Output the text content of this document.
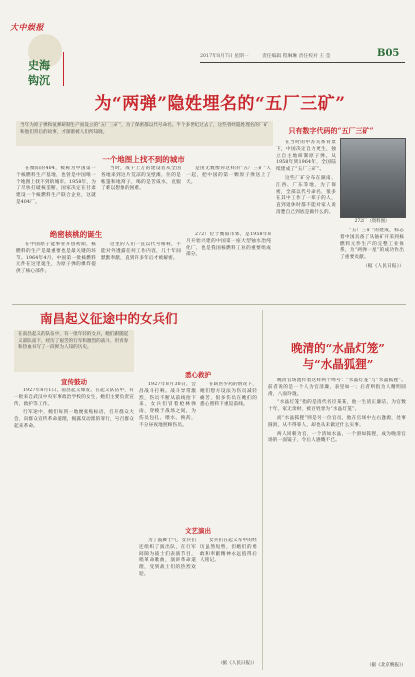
大中娱报
史海
钩沉
2017年8月7日 星期一	责任编辑 程琳琳 责任校对 王 莹	B05
为“两弹”隐姓埋名的“五厂三矿”
当年为原子弹和氢弹研制生产而设立的“五厂三矿”，为了保密都以代号命名。半个多世纪过去了，这些曾经隐姓埋名的厂矿和他们背后的故事，才渐渐被人们所知晓。
一个地图上找不到的城市

在衡阳的404，被称为中国第一个核燃料生产基地，也曾是中国唯一个地图上找不到的城市。1958年，为了尽快打破核垄断，国家决定在甘肃建设一个核燃料生产联合企业，这就是404厂。

当时，成千上万的建设者从全国各地来到这片荒凉的戈壁滩，住的是帐篷和地窝子，喝的是苦咸水，克服了难以想象的困难。

是由无数像你这样的“五厂三矿”人一起，把中国的第一颗原子弹送上了天。

绝密核桃的诞生

在中国原子能事业开创初期，核燃料的生产是最重要也是最关键的环节。1964年4月，中国第一批核燃料元件在这里诞生，为原子弹的爆炸提供了核心部件。

这里的人们一直以代号相称，不能对外透露任何工作内容，几十年间默默奉献，直到许多年后才被解密。

只有数字代码的“五厂三矿”

272厂位于衡阳市郊，是1958年8月开始兴建的中国第一座大型铀水冶纯化厂，也是我国核燃料工业的重要组成部分。

在当时的中苏关系背景下，中国决定自力更生，独立自主地研制原子弹。从1958年到1964年，全国陆续建成了“五厂三矿”。

这些厂矿分布在湖南、江西、广东等地，为了保密，全部以代号命名，很多在其中工作了一辈子的人，直到退休时都不能对家人说清楚自己到底是做什么的。

272厂（资料图）

“五厂三矿”的建成，标志着中国具备了从铀矿开采到核燃料元件生产的完整工业体系，为“两弹一星”的成功作出了重要贡献。

（据《人民日报》）
南昌起义征途中的女兵们
在南昌起义的队伍中，有一批年轻的女兵，她们跟随起义部队南下，经历了艰苦的行军和激烈的战斗，用青春和热血书写了一段鲜为人知的历史。
宣传鼓动

1927年8月1日，南昌起义爆发。在起义队伍中，有一批来自武汉中央军事政治学校的女生，她们主要负责宣传、救护等工作。

行军途中，她们每到一地便张贴标语，召开群众大会，向群众宣传革命道理，揭露反动派的罪行，号召群众起来革命。

悉心救护

1927年8月30日，会昌战斗打响。战斗异常激烈，伤员不断从前线抬下来，女兵们冒着枪林弹雨，穿梭于战场之间，为伤员包扎、喂水、换药，不分昼夜地照顾伤员。

在缺医少药的情况下，她们想方设法为伤员减轻痛苦，很多伤员在她们的悉心照料下重返前线。

文艺演出

为了鼓舞士气，女兵们还组织了演出队，在行军间隙为战士们表演节目，唱革命歌曲，演讲革命道理，受到战士们的热烈欢迎。

女兵们在起义军中的经历虽然短暂，但她们的勇敢和奉献精神永远值得后人铭记。

（据《人民日报》）
晚清的“水晶灯笼”
与“水晶狐狸”

晚清官场流传着这样两个绰号：“水晶灯笼”与“水晶狐狸”。前者说的是一个人为官清廉，表里如一；后者则指为人精明圆滑，八面玲珑。

“水晶灯笼”指的是清代名臣某某，他一生清正廉洁，为官数十年，家无余财，被百姓誉为“水晶灯笼”。

而“水晶狐狸”则是另一位官员，他在官场中左右逢源，处事圆滑，从不得罪人，却也从未做过什么实事。

两人同朝为官，一个清如水晶，一个滑如狐狸，成为晚清官场的一面镜子，令后人感慨不已。

（据《北京晚报》）
